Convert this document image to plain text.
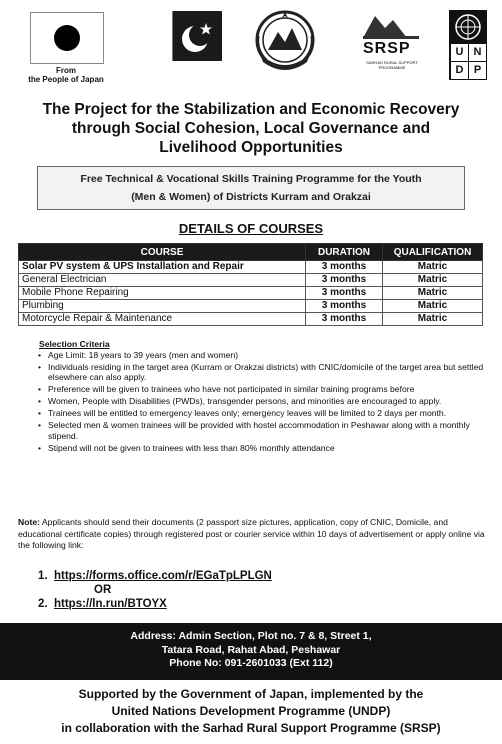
From
the People of Japan
SRSP
SARHAD RURAL SUPPORT PROGRAMME
U N
D P
The Project for the Stabilization and Economic Recovery
through Social Cohesion, Local Governance and
Livelihood Opportunities
Free Technical & Vocational Skills Training Programme for the Youth
(Men & Women) of Districts Kurram and Orakzai
DETAILS OF COURSES
COURSE	DURATION	QUALIFICATION
Solar PV system & UPS Installation and Repair	3 months	Matric
General Electrician	3 months	Matric
Mobile Phone Repairing	3 months	Matric
Plumbing	3 months	Matric
Motorcycle Repair & Maintenance	3 months	Matric
Selection Criteria
• Age Limit: 18 years to 39 years (men and women)
• Individuals residing in the target area (Kurram or Orakzai districts) with CNIC/domicile of the target area but settled elsewhere can also apply.
• Preference will be given to trainees who have not participated in similar training programs before
• Women, People with Disabilities (PWDs), transgender persons, and minorities are encouraged to apply.
• Trainees will be entitled to emergency leaves only; emergency leaves will be limited to 2 days per month.
• Selected men & women trainees will be provided with hostel accommodation in Peshawar along with a monthly stipend.
• Stipend will not be given to trainees with less than 80% monthly attendance
Note: Applicants should send their documents (2 passport size pictures, application, copy of CNIC, Domicile, and educational certificate copies) through registered post or courier service within 10 days of advertisement or apply online via the following link:
1. https://forms.office.com/r/EGaTpLPLGN
OR
2. https://ln.run/BTOYX
Address: Admin Section, Plot no. 7 & 8, Street 1,
Tatara Road, Rahat Abad, Peshawar
Phone No: 091-2601033 (Ext 112)
Supported by the Government of Japan, implemented by the
United Nations Development Programme (UNDP)
in collaboration with the Sarhad Rural Support Programme (SRSP)
